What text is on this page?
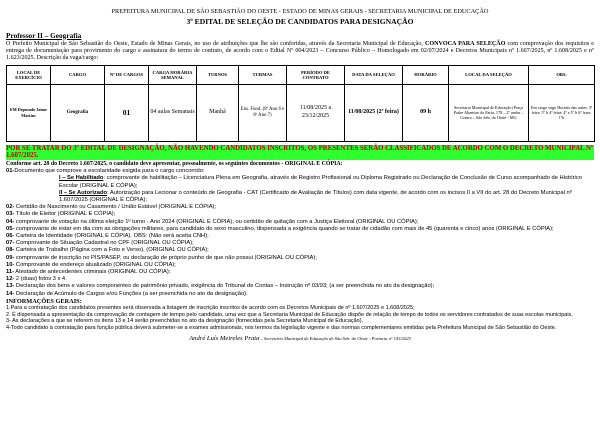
PREFEITURA MUNICIPAL DE SÃO SEBASTIÃO DO OESTE - ESTADO DE MINAS GERAIS - SECRETARIA MUNICIPAL DE EDUCAÇÃO
3º EDITAL DE SELEÇÃO DE CANDIDATOS PARA DESIGNAÇÃO
Professor II – Geografia
O Prefeito Municipal de São Sebastião do Oeste, Estado de Minas Gerais, no uso de atribuições que lhe são conferidas, através da Secretaria Municipal de Educação, CONVOCA PARA SELEÇÃO com comprovação dos requisitos e entrega de documentação para provimento do cargo e assinatura do termo de contrato, de acordo com o Edital Nº 004/2023 – Concurso Público – Homologado em 02/07/2024 e Decretos Municipais nº 1.607/2025, nº 1.608/2025 e nº 1.623/2025. Descrição da vaga/cargo:
LOCAL DE EXERCÍCIO	CARGO	Nº DE CARGOS	CARGA HORÁRIA SEMANAL	TURNOS	TURMAS	PERÍODO DE CONTRATO	DATA DA SELEÇÃO	HORÁRIO	LOCAL DA SELEÇÃO	OBS.
EM Deputado Jaime Martins	Geografia	01	04 aulas Semanais	Manhã	Ens. Fund. (8º Ano 6 e 8º Ano 7)	11/08/2025 a 23/12/2025	11/08/2025 (2ª feira)	09 h	Secretaria Municipal de Educação (Praça Padre Altamiro de Faria, 178 – 2º andar – Centro – São Seb. do Oeste - MG	Em cargo vago Horário das aulas: 3ª feira: 5º h 4ª feira: 4º e 5º h 6ª feira: 1ºh
POR SE TRATAR DO 3º EDITAL DE DESIGNAÇÃO, NÃO HAVENDO CANDIDATOS INSCRITOS, OS PRESENTES SERÃO CLASSIFICADOS DE ACORDO COM O DECRETO MUNICIPAL Nº 1.607/2025.
Conforme art. 28 do Decreto 1.607/2025, o candidato deve apresentar, pessoalmente, os seguintes documentos - ORIGINAL E CÓPIA:
01-Documento que comprove a escolaridade exigida para o cargo concorrido:
I – Se Habilitado: comprovante de habilitação – Licenciatura Plena em Geografia, através de Registro Profissional ou Diploma Registrado ou Declaração de Conclusão de Curso acompanhado de Histórico Escolar (ORIGINAL E CÓPIA);
II – Se Autorizado: Autorização para Lecionar o conteúdo de Geografia - CAT (Certificado de Avaliação de Títulos) com data vigente, de acordo com os incisos II a VII do art. 28 do Decreto Municipal nº 1.607/2025 (ORIGINAL E CÓPIA);
02- Certidão de Nascimento ou Casamento / União Estável (ORIGINAL E CÓPIA);
03- Título de Eleitor (ORIGINAL E CÓPIA);
04- comprovante de votação na última eleição 1º turno - Ano 2024 (ORIGINAL E CÓPIA), ou certidão de quitação com a Justiça Eleitoral (ORIGINAL OU CÓPIA);
05- comprovante de estar em dia com as obrigações militares, para candidato do sexo masculino, dispensada a exigência quando se tratar de cidadão com mais de 45 (quarenta e cinco) anos (ORIGINAL E CÓPIA);
06- Carteira de Identidade (ORIGINAL E CÓPIA). OBS: (Não será aceita CNH);
07- Comprovante de Situação Cadastral no CPF (ORIGINAL OU CÓPIA);
08- Carteira de Trabalho (Página com a Foto e Verso), (ORIGINAL OU CÓPIA);
09- comprovante de inscrição no PIS/PASEP, ou declaração de próprio punho de que não possui (ORIGINAL OU CÓPIA);
10- Comprovante de endereço atualizado (ORIGINAL OU CÓPIA);
11- Atestado de antecedentes criminais (ORIGINAL OU CÓPIA);
12- 2 (duas) fotos 3 x 4.
13- Declaração dos bens e valores componentes do patrimônio privado, exigência do Tribunal de Contas – Instrução nº 03/93; (a ser preenchida no ato da designação);
14- Declaração de Acúmulo de Cargos e/ou Funções (a ser preenchida no ato da designação).
INFORMAÇÕES GERAIS:
1.Para a contratação dos candidatos presentes será observada a listagem de inscrição inscritos de acordo com os Decretos Municipais de nº 1.607/2025 e 1.608/2025;
2. É dispensada a apresentação da comprovação de contagem de tempo pelo candidato, uma vez que a Secretaria Municipal de Educação dispõe de relação de tempo de todos os servidores contratados de suas escolas municipais.
3- As declarações a que se referem os itens 13 e 14 serão preenchidas no ato da designação (fornecidas pela Secretaria Municipal de Educação).
4-Todo candidato à contratação para função pública deverá submeter-se a exames admissionais, nos termos da legislação vigente e das normas complementares emitidas pela Prefeitura Municipal de São Sebastião do Oeste.
André Luís Meireles Prata – Secretário Municipal de Educação de São Seb. do Oeste - Portaria nº 143/2025
